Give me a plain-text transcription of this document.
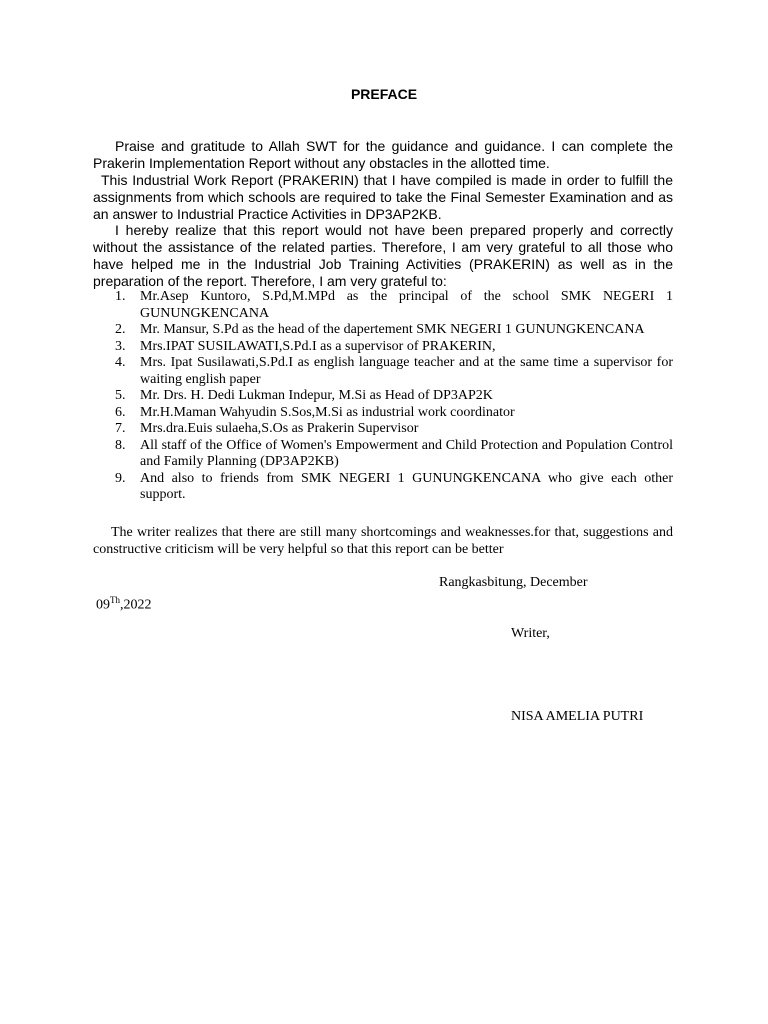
PREFACE

Praise and gratitude to Allah SWT for the guidance and guidance. I can complete the Prakerin Implementation Report without any obstacles in the allotted time.

This Industrial Work Report (PRAKERIN) that I have compiled is made in order to fulfill the assignments from which schools are required to take the Final Semester Examination and as an answer to Industrial Practice Activities in DP3AP2KB.

I hereby realize that this report would not have been prepared properly and correctly without the assistance of the related parties. Therefore, I am very grateful to all those who have helped me in the Industrial Job Training Activities (PRAKERIN) as well as in the preparation of the report. Therefore, I am very grateful to:

1. Mr.Asep Kuntoro, S.Pd,M.MPd as the principal of the school SMK NEGERI 1 GUNUNGKENCANA
2. Mr. Mansur, S.Pd as the head of the dapertement SMK NEGERI 1 GUNUNGKENCANA
3. Mrs.IPAT SUSILAWATI,S.Pd.I as a supervisor of PRAKERIN,
4. Mrs. Ipat Susilawati,S.Pd.I as english language teacher and at the same time a supervisor for waiting english paper
5. Mr. Drs. H. Dedi Lukman Indepur, M.Si as Head of DP3AP2K
6. Mr.H.Maman Wahyudin S.Sos,M.Si as industrial work coordinator
7. Mrs.dra.Euis sulaeha,S.Os as Prakerin Supervisor
8. All staff of the Office of Women's Empowerment and Child Protection and Population Control and Family Planning (DP3AP2KB)
9. And also to friends from SMK NEGERI 1 GUNUNGKENCANA who give each other support.

The writer realizes that there are still many shortcomings and weaknesses.for that, suggestions and constructive criticism will be very helpful so that this report can be better

Rangkasbitung, December
09Th,2022
Writer,
NISA AMELIA PUTRI
